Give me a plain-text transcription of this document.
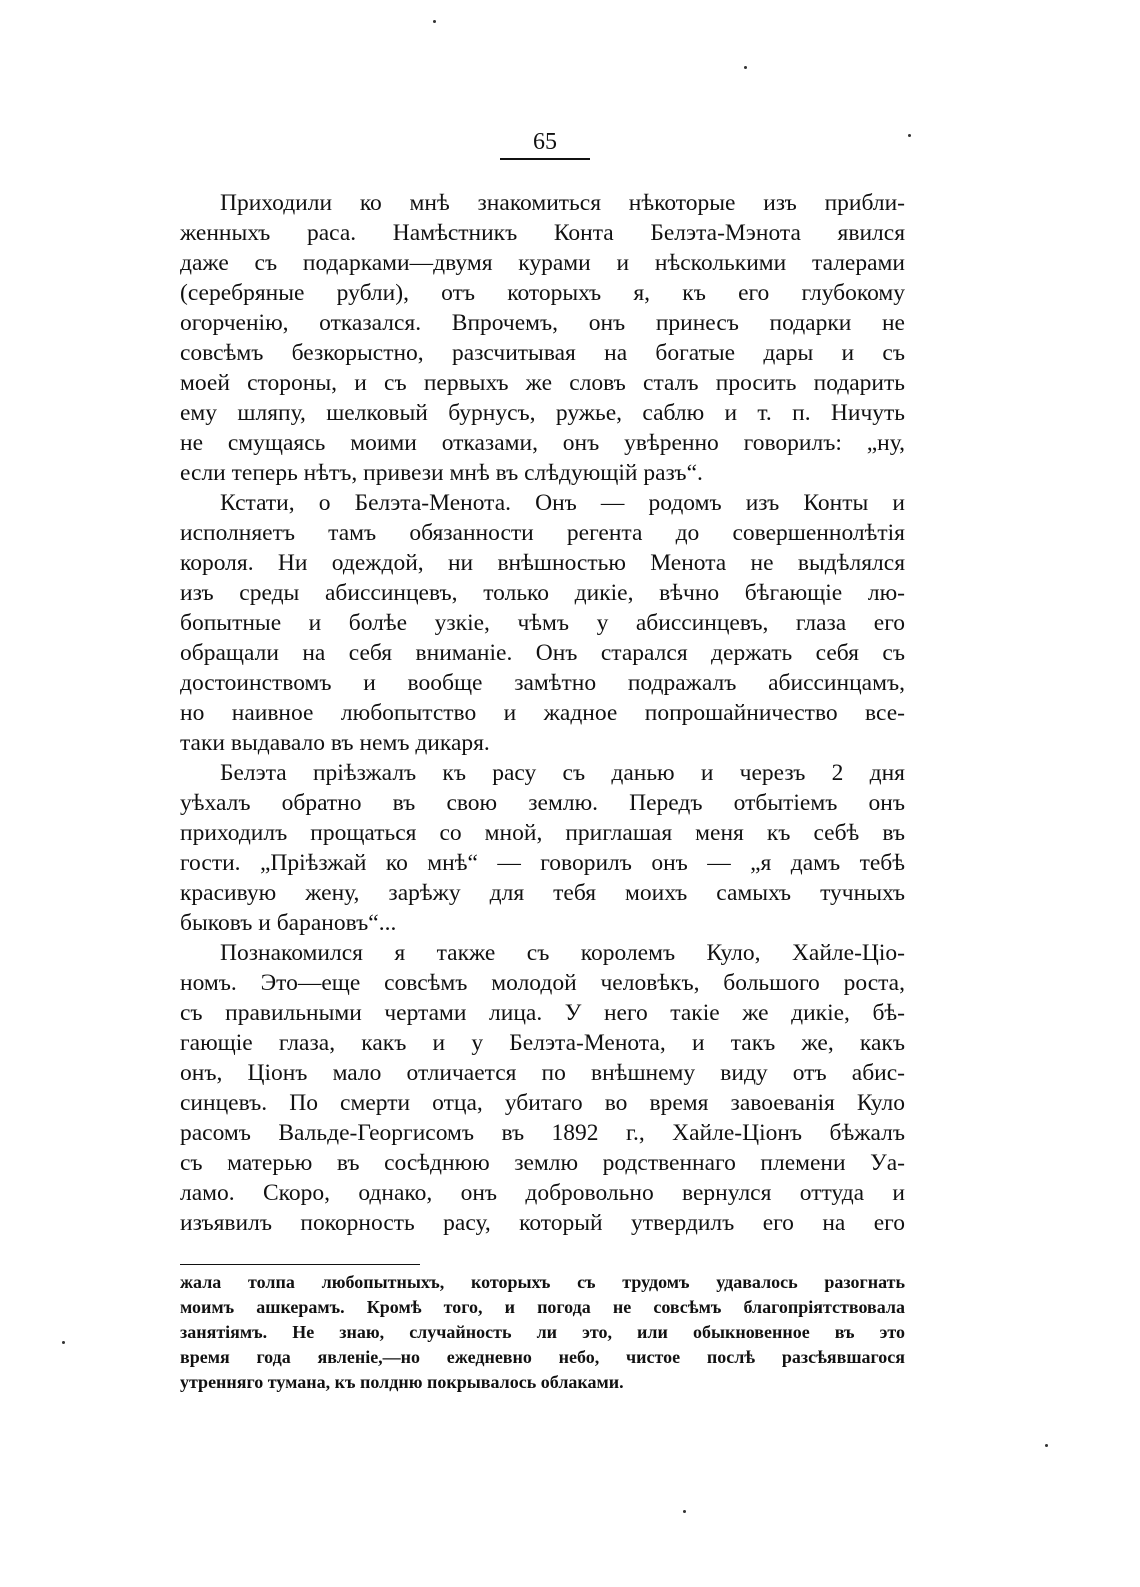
65
Приходили ко мнѣ знакомиться нѣкоторые изъ прибли-
женныхъ раса. Намѣстникъ Конта Белэта-Мэнота явился
даже съ подарками—двумя курами и нѣсколькими талерами
(серебряные рубли), отъ которыхъ я, къ его глубокому
огорченію, отказался. Впрочемъ, онъ принесъ подарки не
совсѣмъ безкорыстно, разсчитывая на богатые дары и съ
моей стороны, и съ первыхъ же словъ сталъ просить подарить
ему шляпу, шелковый бурнусъ, ружье, саблю и т. п. Ничуть
не смущаясь моими отказами, онъ увѣренно говорилъ: „ну,
если теперь нѣтъ, привези мнѣ въ слѣдующій разъ“.
Кстати, о Белэта-Менота. Онъ — родомъ изъ Конты и
исполняетъ тамъ обязанности регента до совершеннолѣтія
короля. Ни одеждой, ни внѣшностью Менота не выдѣлялся
изъ среды абиссинцевъ, только дикіе, вѣчно бѣгающіе лю-
бопытные и болѣе узкіе, чѣмъ у абиссинцевъ, глаза его
обращали на себя вниманіе. Онъ старался держать себя съ
достоинствомъ и вообще замѣтно подражалъ абиссинцамъ,
но наивное любопытство и жадное попрошайничество все-
таки выдавало въ немъ дикаря.
Белэта пріѣзжалъ къ расу съ данью и черезъ 2 дня
уѣхалъ обратно въ свою землю. Передъ отбытіемъ онъ
приходилъ прощаться со мной, приглашая меня къ себѣ въ
гости. „Пріѣзжай ко мнѣ“ — говорилъ онъ — „я дамъ тебѣ
красивую жену, зарѣжу для тебя моихъ самыхъ тучныхъ
быковъ и барановъ“...
Познакомился я также съ королемъ Куло, Хайле-Ціо-
номъ. Это—еще совсѣмъ молодой человѣкъ, большого роста,
съ правильными чертами лица. У него такіе же дикіе, бѣ-
гающіе глаза, какъ и у Белэта-Менота, и такъ же, какъ
онъ, Ціонъ мало отличается по внѣшнему виду отъ абис-
синцевъ. По смерти отца, убитаго во время завоеванія Куло
расомъ Вальде-Георгисомъ въ 1892 г., Хайле-Ціонъ бѣжалъ
съ матерью въ сосѣднюю землю родственнаго племени Уа-
ламо. Скоро, однако, онъ добровольно вернулся оттуда и
изъявилъ покорность расу, который утвердилъ его на его
жала толпа любопытныхъ, которыхъ съ трудомъ удавалось разогнать
моимъ ашкерамъ. Кромѣ того, и погода не совсѣмъ благопріятствовала
занятіямъ. Не знаю, случайность ли это, или обыкновенное въ это
время года явленіе,—но ежедневно небо, чистое послѣ разсѣявшагося
утренняго тумана, къ полдню покрывалось облаками.
